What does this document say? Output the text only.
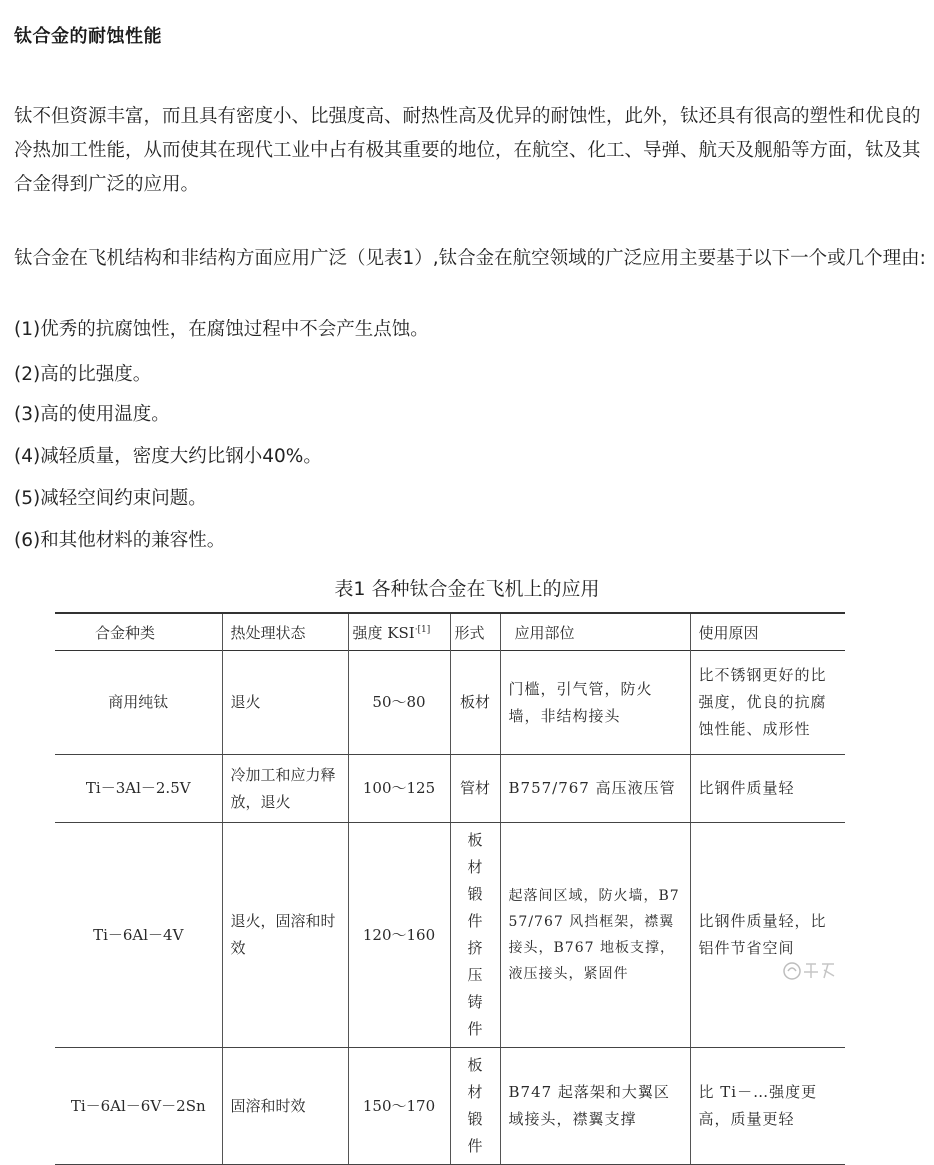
钛合金的耐蚀性能

钛不但资源丰富，而且具有密度小、比强度高、耐热性高及优异的耐蚀性，此外，钛还具有很高的塑性和优良的冷热加工性能，从而使其在现代工业中占有极其重要的地位，在航空、化工、导弹、航天及舰船等方面，钛及其合金得到广泛的应用。

钛合金在飞机结构和非结构方面应用广泛（见表1）,钛合金在航空领域的广泛应用主要基于以下一个或几个理由:

(1)优秀的抗腐蚀性，在腐蚀过程中不会产生点蚀。

(2)高的比强度。

(3)高的使用温度。

(4)减轻质量，密度大约比钢小40%。

(5)减轻空间约束问题。

(6)和其他材料的兼容性。

表1 各种钛合金在飞机上的应用

合金种类	热处理状态	强度 $KSI^{\cdot[1]}$	形式	应用部位	使用原因
商用纯钛	退火	50～80	板材	门槛，引气管，防火墙，非结构接头	比不锈钢更好的比强度，优良的抗腐蚀性能、成形性
Ti－3Al－2.5V	冷加工和应力释放，退火	100～125	管材	B757/767 高压液压管	比钢件质量轻
Ti－6Al－4V	退火，固溶和时效	120～160	板材锻件挤压铸件	起落间区域，防火墙，B757/767 风挡框架，襟翼接头，B767 地板支撑，液压接头，紧固件	比钢件质量轻，比铝件节省空间
Ti－6Al－6V－2Sn	固溶和时效	150～170	板材锻件	B747 起落架和大翼区域接头，襟翼支撑	比 Ti－…强度更高，质量更轻
